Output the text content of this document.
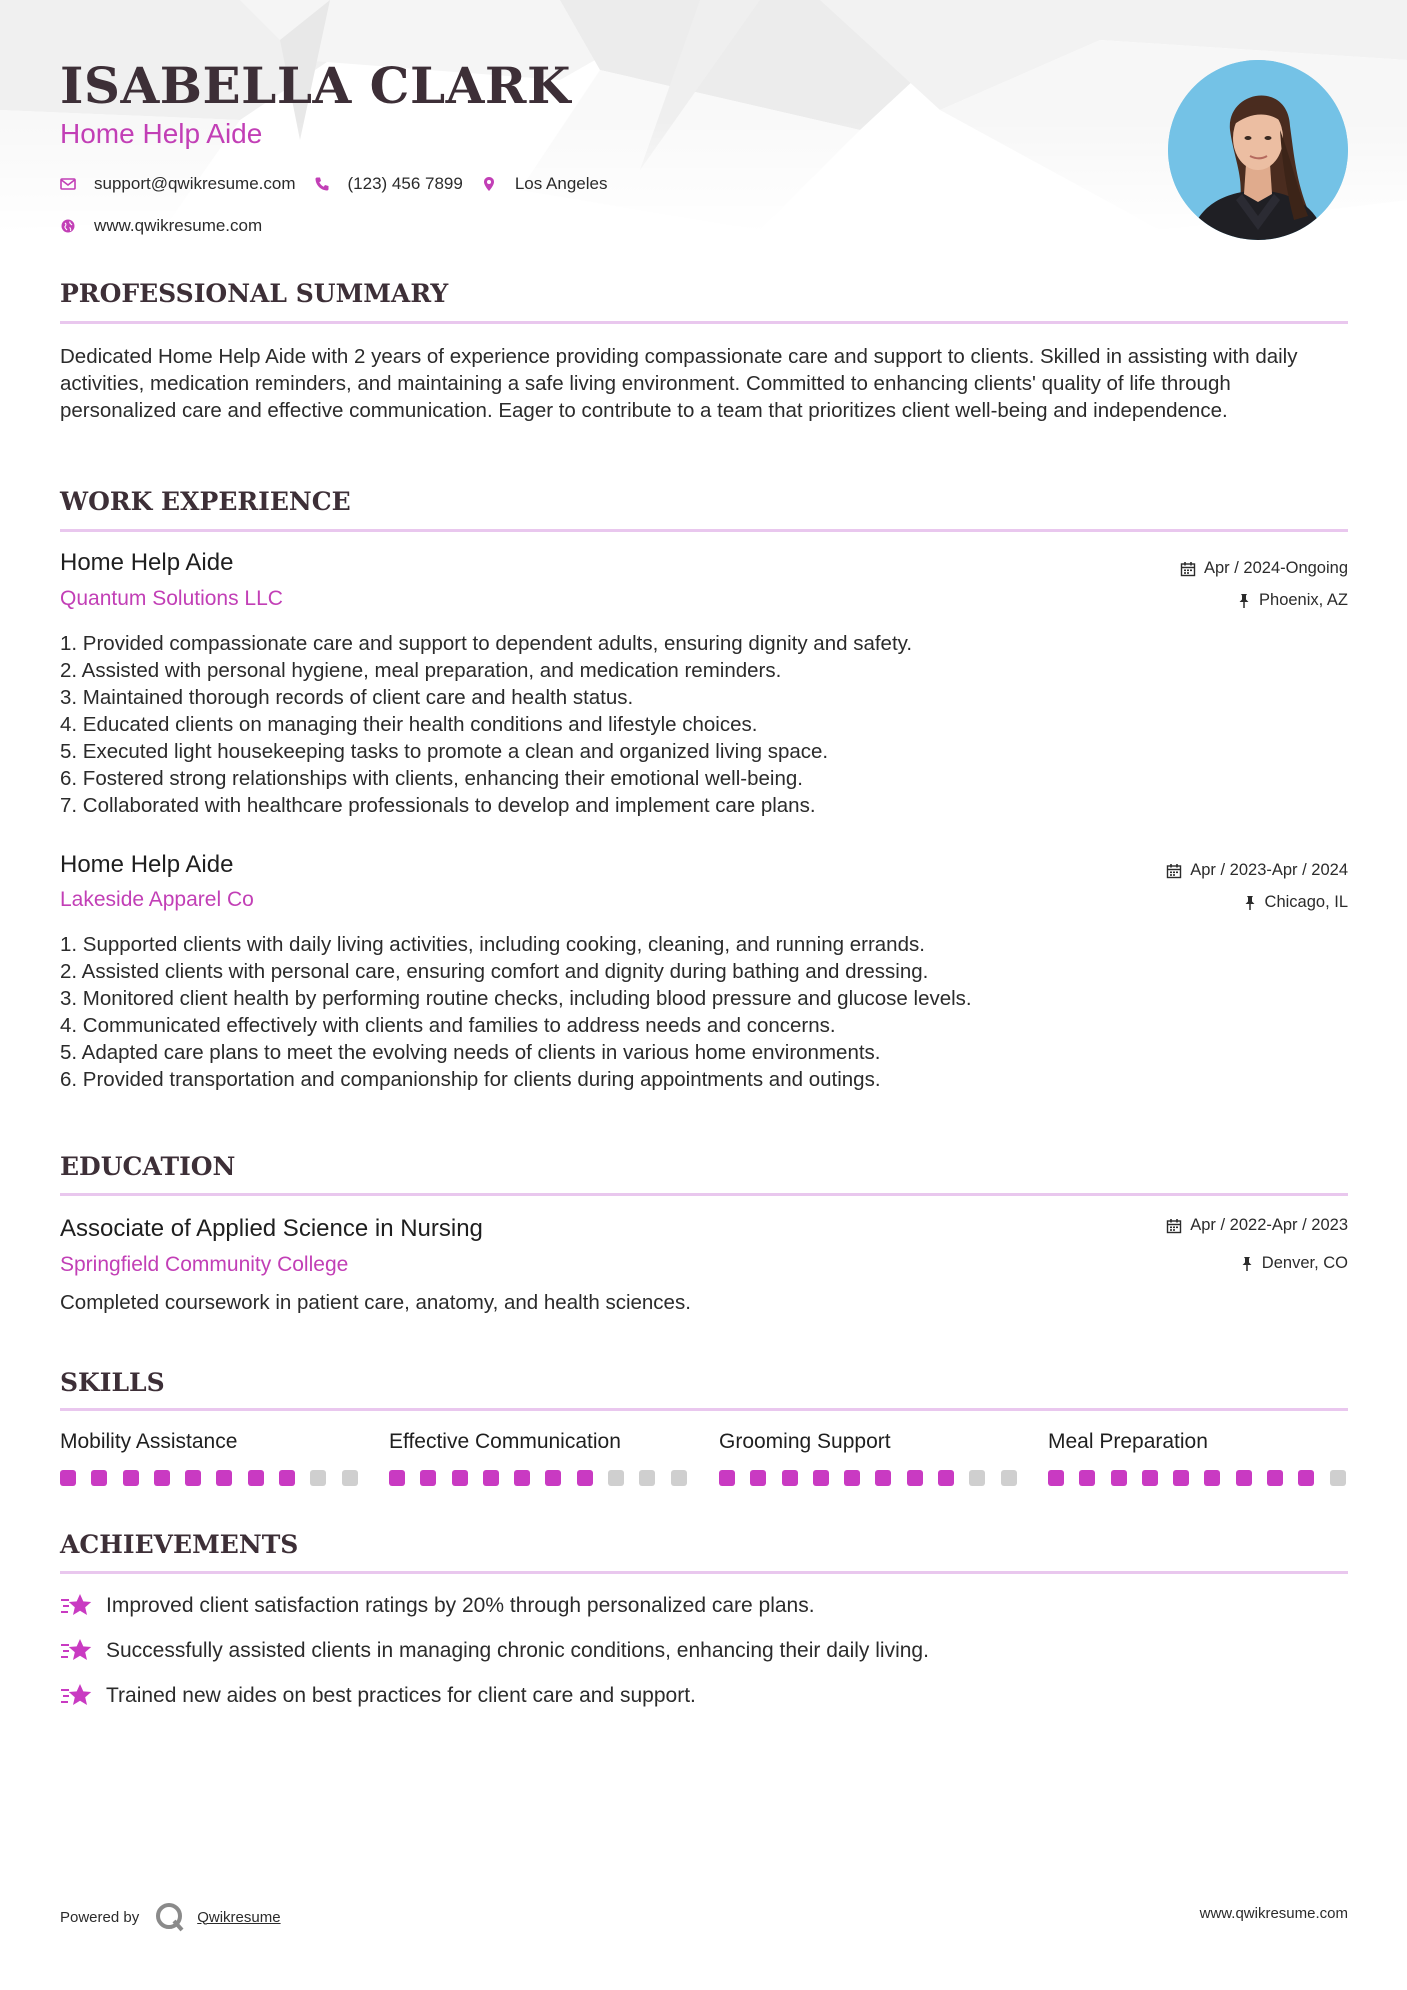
ISABELLA CLARK
Home Help Aide
support@qwikresume.com	(123) 456 7899	Los Angeles
www.qwikresume.com
PROFESSIONAL SUMMARY

Dedicated Home Help Aide with 2 years of experience providing compassionate care and support to clients. Skilled in assisting with daily activities, medication reminders, and maintaining a safe living environment. Committed to enhancing clients' quality of life through personalized care and effective communication. Eager to contribute to a team that prioritizes client well-being and independence.

WORK EXPERIENCE
Home Help Aide	Apr / 2024-Ongoing
Quantum Solutions LLC	Phoenix, AZ
1. Provided compassionate care and support to dependent adults, ensuring dignity and safety.
2. Assisted with personal hygiene, meal preparation, and medication reminders.
3. Maintained thorough records of client care and health status.
4. Educated clients on managing their health conditions and lifestyle choices.
5. Executed light housekeeping tasks to promote a clean and organized living space.
6. Fostered strong relationships with clients, enhancing their emotional well-being.
7. Collaborated with healthcare professionals to develop and implement care plans.
Home Help Aide	Apr / 2023-Apr / 2024
Lakeside Apparel Co	Chicago, IL
1. Supported clients with daily living activities, including cooking, cleaning, and running errands.
2. Assisted clients with personal care, ensuring comfort and dignity during bathing and dressing.
3. Monitored client health by performing routine checks, including blood pressure and glucose levels.
4. Communicated effectively with clients and families to address needs and concerns.
5. Adapted care plans to meet the evolving needs of clients in various home environments.
6. Provided transportation and companionship for clients during appointments and outings.
EDUCATION
Associate of Applied Science in Nursing	Apr / 2022-Apr / 2023
Springfield Community College	Denver, CO

Completed coursework in patient care, anatomy, and health sciences.

SKILLS
Mobility Assistance	Effective Communication	Grooming Support	Meal Preparation
ACHIEVEMENTS
Improved client satisfaction ratings by 20% through personalized care plans.
Successfully assisted clients in managing chronic conditions, enhancing their daily living.
Trained new aides on best practices for client care and support.
Powered by	Qwikresume	www.qwikresume.com
